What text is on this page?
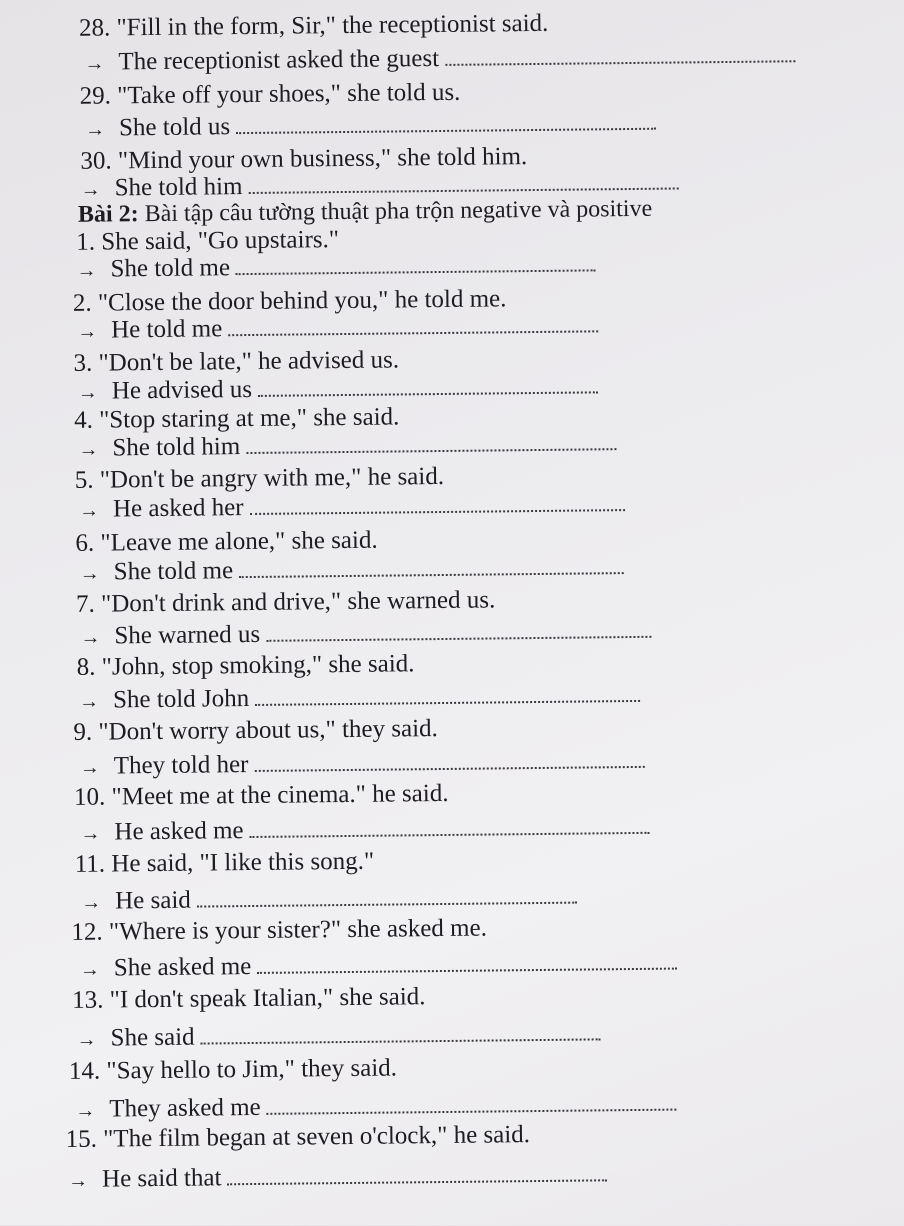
28. "Fill in the form, Sir," the receptionist said.
→ The receptionist asked the guest
29. "Take off your shoes," she told us.
→ She told us
30. "Mind your own business," she told him.
→ She told him
Bài 2: Bài tập câu tường thuật pha trộn negative và positive
1. She said, "Go upstairs."
→ She told me
2. "Close the door behind you," he told me.
→ He told me
3. "Don't be late," he advised us.
→ He advised us
4. "Stop staring at me," she said.
→ She told him
5. "Don't be angry with me," he said.
→ He asked her
6. "Leave me alone," she said.
→ She told me
7. "Don't drink and drive," she warned us.
→ She warned us
8. "John, stop smoking," she said.
→ She told John
9. "Don't worry about us," they said.
→ They told her
10. "Meet me at the cinema." he said.
→ He asked me
11. He said, "I like this song."
→ He said
12. "Where is your sister?" she asked me.
→ She asked me
13. "I don't speak Italian," she said.
→ She said
14. "Say hello to Jim," they said.
→ They asked me
15. "The film began at seven o'clock," he said.
→ He said that
